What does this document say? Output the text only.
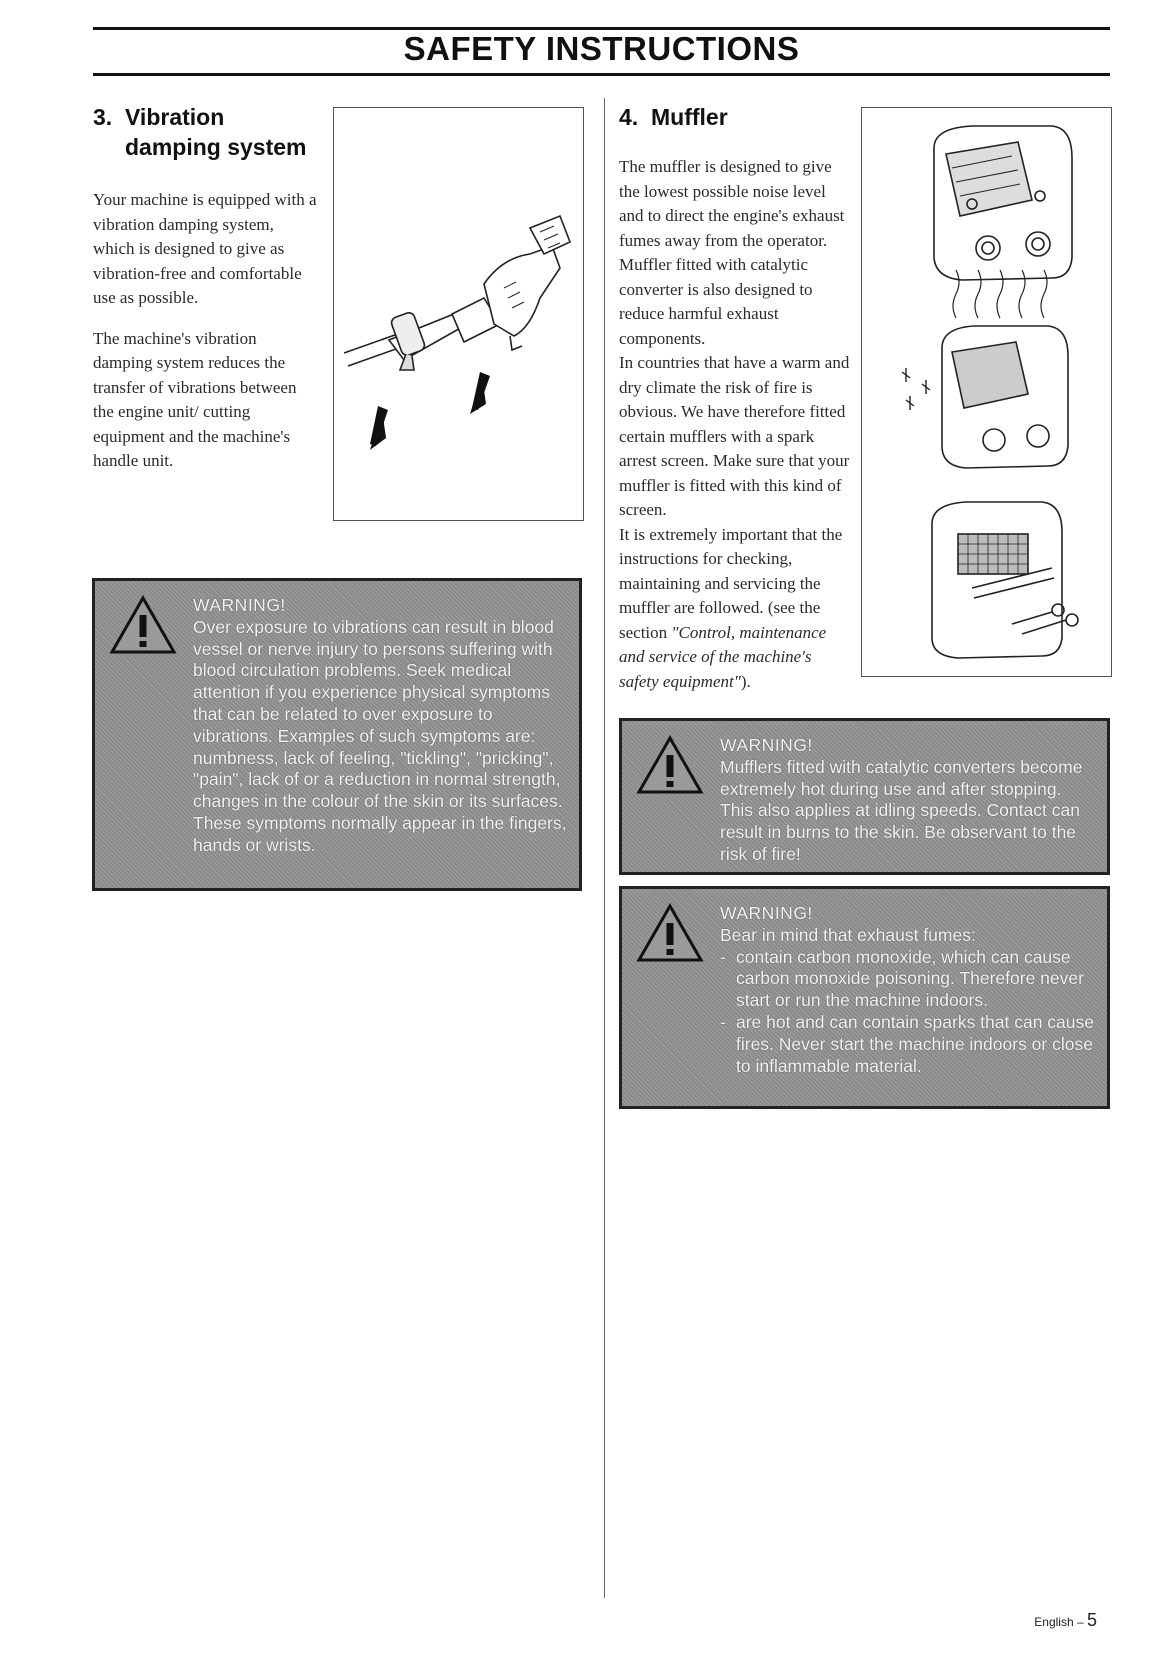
SAFETY INSTRUCTIONS
3. Vibration
damping system

Your machine is equipped with a vibration damping system, which is designed to give as vibration-free and comfortable use as possible.

The machine's vibration damping system reduces the transfer of vibrations between the engine unit/ cutting equipment and the machine's handle unit.

WARNING!
Over exposure to vibrations can result in blood vessel or nerve injury to persons suffering with blood circulation problems. Seek medical attention if you experience physical symptoms that can be related to over exposure to vibrations. Examples of such symptoms are: numbness, lack of feeling, "tickling", "pricking", "pain", lack of or a reduction in normal strength, changes in the colour of the skin or its surfaces. These symptoms normally appear in the fingers, hands or wrists.
4. Muffler
The muffler is designed to give the lowest possible noise level and to direct the engine's exhaust fumes away from the operator. Muffler fitted with catalytic converter is also designed to reduce harmful exhaust components.
In countries that have a warm and dry climate the risk of fire is obvious. We have therefore fitted certain mufflers with a spark arrest screen. Make sure that your muffler is fitted with this kind of screen.
It is extremely important that the instructions for checking, maintaining and servicing the muffler are followed. (see the section "Control, maintenance and service of the machine's safety equipment").
WARNING!
Mufflers fitted with catalytic converters become extremely hot during use and after stopping. This also applies at idling speeds. Contact can result in burns to the skin. Be observant to the risk of fire!
WARNING!
Bear in mind that exhaust fumes:
- contain carbon monoxide, which can cause carbon monoxide poisoning. Therefore never start or run the machine indoors.
- are hot and can contain sparks that can cause fires. Never start the machine indoors or close to inflammable material.
English – 5
